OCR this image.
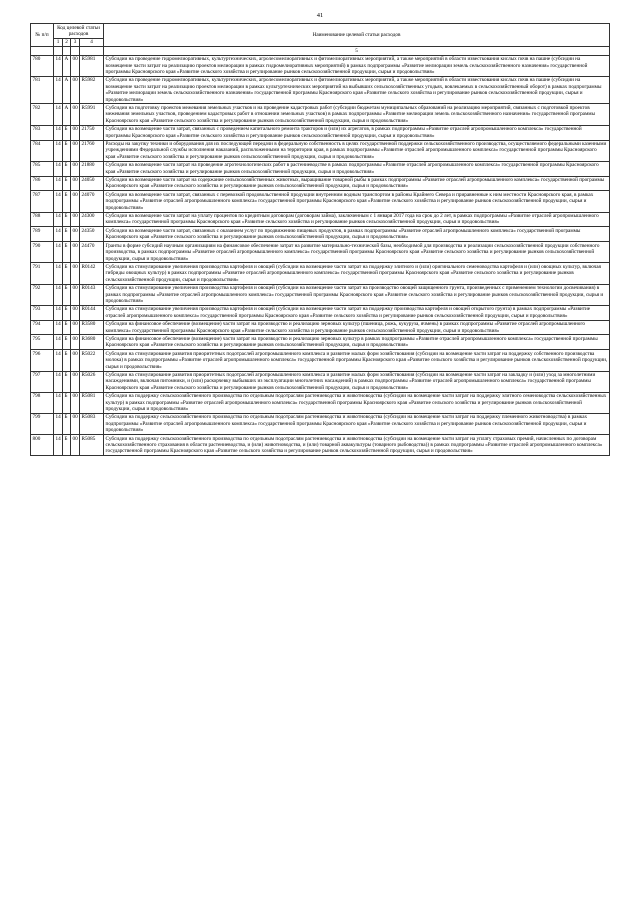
41
№ п/п	Код целевой статьи расходов				Наименование целевой статьи расходов
	1	2	3	4	
					5
780	14	А	00	R5981	Субсидии на проведение гидромелиоративных, культуртехнических, агролесомелиоративных и фитомелиоративных мероприятий, а также мероприятий в области известкования кислых почв на пашне (субсидии на возмещение части затрат на реализацию проектов мелиорации в рамках гидромелиоративных мероприятий) в рамках подпрограммы «Развитие мелиорации земель сельскохозяйственного назначения» государственной программы Красноярского края «Развитие сельского хозяйства и регулирование рынков сельскохозяйственной продукции, сырья и продовольствия»
781	14	А	00	R5982	Субсидии на проведение гидромелиоративных, культуртехнических, агролесомелиоративных и фитомелиоративных мероприятий, а также мероприятий в области известкования кислых почв на пашне (субсидии на возмещение части затрат на реализацию проектов мелиорации в рамках культуртехнических мероприятий на выбывших сельскохозяйственных угодьях, вовлекаемых в сельскохозяйственный оборот) в рамках подпрограммы «Развитие мелиорации земель сельскохозяйственного назначения» государственной программы Красноярского края «Развитие сельского хозяйства и регулирование рынков сельскохозяйственной продукции, сырья и продовольствия»
782	14	А	00	R5991	Субсидии на подготовку проектов межевания земельных участков и на проведение кадастровых работ (субсидии бюджетам муниципальных образований на реализацию мероприятий, связанных с подготовкой проектов межевания земельных участков, проведением кадастровых работ в отношении земельных участков) в рамках подпрограммы «Развитие мелиорации земель сельскохозяйственного назначения» государственной программы Красноярского края «Развитие сельского хозяйства и регулирование рынков сельскохозяйственной продукции, сырья и продовольствия»
783	14	Б	00	21750	Субсидии на возмещение части затрат, связанных с проведением капитального ремонта тракторов и (или) их агрегатов, в рамках подпрограммы «Развитие отраслей агропромышленного комплекса» государственной программы Красноярского края «Развитие сельского хозяйства и регулирование рынков сельскохозяйственной продукции, сырья и продовольствия»
784	14	Б	00	21760	Расходы на закупку техники и оборудования для их последующей передачи в федеральную собственность в целях государственной поддержки сельскохозяйственного производства, осуществляемого федеральными казенными учреждениями Федеральной службы исполнения наказаний, расположенными на территории края, в рамках подпрограммы «Развитие отраслей агропромышленного комплекса» государственной программы Красноярского края «Развитие сельского хозяйства и регулирование рынков сельскохозяйственной продукции, сырья и продовольствия»
785	14	Б	00	21880	Субсидии на возмещение части затрат на проведение агротехнологических работ в растениеводстве в рамках подпрограммы «Развитие отраслей агропромышленного комплекса» государственной программы Красноярского края «Развитие сельского хозяйства и регулирование рынков сельскохозяйственной продукции, сырья и продовольствия»
786	14	Б	00	24050	Субсидии на возмещение части затрат на содержание сельскохозяйственных животных, выращивание товарной рыбы в рамках подпрограммы «Развитие отраслей агропромышленного комплекса» государственной программы Красноярского края «Развитие сельского хозяйства и регулирование рынков сельскохозяйственной продукции, сырья и продовольствия»
787	14	Б	00	24070	Субсидии на возмещение части затрат, связанных с перевозкой продовольственной продукции внутренним водным транспортом в районы Крайнего Севера и приравненные к ним местности Красноярского края, в рамках подпрограммы «Развитие отраслей агропромышленного комплекса» государственной программы Красноярского края «Развитие сельского хозяйства и регулирование рынков сельскохозяйственной продукции, сырья и продовольствия»
788	14	Б	00	24300	Субсидии на возмещение части затрат на уплату процентов по кредитным договорам (договорам займа), заключенным с 1 января 2017 года на срок до 2 лет, в рамках подпрограммы «Развитие отраслей агропромышленного комплекса» государственной программы Красноярского края «Развитие сельского хозяйства и регулирование рынков сельскохозяйственной продукции, сырья и продовольствия»
789	14	Б	00	24350	Субсидии на возмещение части затрат, связанных с оказанием услуг по продвижению пищевых продуктов, в рамках подпрограммы «Развитие отраслей агропромышленного комплекса» государственной программы Красноярского края «Развитие сельского хозяйства и регулирование рынков сельскохозяйственной продукции, сырья и продовольствия»
790	14	Б	00	24470	Гранты в форме субсидий научным организациям на финансовое обеспечение затрат на развитие материально-технической базы, необходимой для производства и реализации сельскохозяйственной продукции собственного производства, в рамках подпрограммы «Развитие отраслей агропромышленного комплекса» государственной программы Красноярского края «Развитие сельского хозяйства и регулирование рынков сельскохозяйственной продукции, сырья и продовольствия»
791	14	Б	00	R0142	Субсидии на стимулирование увеличения производства картофеля и овощей (субсидии на возмещение части затрат на поддержку элитного и (или) оригинального семеноводства картофеля и (или) овощных культур, включая гибриды овощных культур) в рамках подпрограммы «Развитие отраслей агропромышленного комплекса» государственной программы Красноярского края «Развитие сельского хозяйства и регулирование рынков сельскохозяйственной продукции, сырья и продовольствия»
792	14	Б	00	R0143	Субсидии на стимулирование увеличения производства картофеля и овощей (субсидии на возмещение части затрат на производство овощей защищенного грунта, произведенных с применением технологии досвечивания) в рамках подпрограммы «Развитие отраслей агропромышленного комплекса» государственной программы Красноярского края «Развитие сельского хозяйства и регулирование рынков сельскохозяйственной продукции, сырья и продовольствия»
793	14	Б	00	R0144	Субсидии на стимулирование увеличения производства картофеля и овощей (субсидии на возмещение части затрат на поддержку производства картофеля и овощей открытого грунта) в рамках подпрограммы «Развитие отраслей агропромышленного комплекса» государственной программы Красноярского края «Развитие сельского хозяйства и регулирование рынков сельскохозяйственной продукции, сырья и продовольствия»
794	14	Б	00	R3580	Субсидии на финансовое обеспечение (возмещение) части затрат на производство и реализацию зерновых культур (пшеница, рожь, кукуруза, ячмень) в рамках подпрограммы «Развитие отраслей агропромышленного комплекса» государственной программы Красноярского края «Развитие сельского хозяйства и регулирование рынков сельскохозяйственной продукции, сырья и продовольствия»
795	14	Б	00	R3680	Субсидии на финансовое обеспечение (возмещение) части затрат на производство и реализацию зерновых культур в рамках подпрограммы «Развитие отраслей агропромышленного комплекса» государственной программы Красноярского края «Развитие сельского хозяйства и регулирование рынков сельскохозяйственной продукции, сырья и продовольствия»
796	14	Б	00	R5022	Субсидии на стимулирование развития приоритетных подотраслей агропромышленного комплекса и развитие малых форм хозяйствования (субсидии на возмещение части затрат на поддержку собственного производства молока) в рамках подпрограммы «Развитие отраслей агропромышленного комплекса» государственной программы Красноярского края «Развитие сельского хозяйства и регулирование рынков сельскохозяйственной продукции, сырья и продовольствия»
797	14	Б	00	R5026	Субсидии на стимулирование развития приоритетных подотраслей агропромышленного комплекса и развитие малых форм хозяйствования (субсидии на возмещение части затрат на закладку и (или) уход за многолетними насаждениями, включая питомники, и (или) раскорчевку выбывших из эксплуатации многолетних насаждений) в рамках подпрограммы «Развитие отраслей агропромышленного комплекса» государственной программы Красноярского края «Развитие сельского хозяйства и регулирование рынков сельскохозяйственной продукции, сырья и продовольствия»
798	14	Б	00	R5081	Субсидии на поддержку сельскохозяйственного производства по отдельным подотраслям растениеводства и животноводства (субсидии на возмещение части затрат на поддержку элитного семеноводства сельскохозяйственных культур) в рамках подпрограммы «Развитие отраслей агропромышленного комплекса» государственной программы Красноярского края «Развитие сельского хозяйства и регулирование рынков сельскохозяйственной продукции, сырья и продовольствия»
799	14	Б	00	R5083	Субсидии на поддержку сельскохозяйственного производства по отдельным подотраслям растениеводства и животноводства (субсидии на возмещение части затрат на поддержку племенного животноводства) в рамках подпрограммы «Развитие отраслей агропромышленного комплекса» государственной программы Красноярского края «Развитие сельского хозяйства и регулирование рынков сельскохозяйственной продукции, сырья и продовольствия»
800	14	Б	00	R5085	Субсидии на поддержку сельскохозяйственного производства по отдельным подотраслям растениеводства и животноводства (субсидии на возмещение части затрат на уплату страховых премий, начисленных по договорам сельскохозяйственного страхования в области растениеводства, и (или) животноводства, и (или) товарной аквакультуры (товарного рыбоводства)) в рамках подпрограммы «Развитие отраслей агропромышленного комплекса» государственной программы Красноярского края «Развитие сельского хозяйства и регулирование рынков сельскохозяйственной продукции, сырья и продовольствия»
